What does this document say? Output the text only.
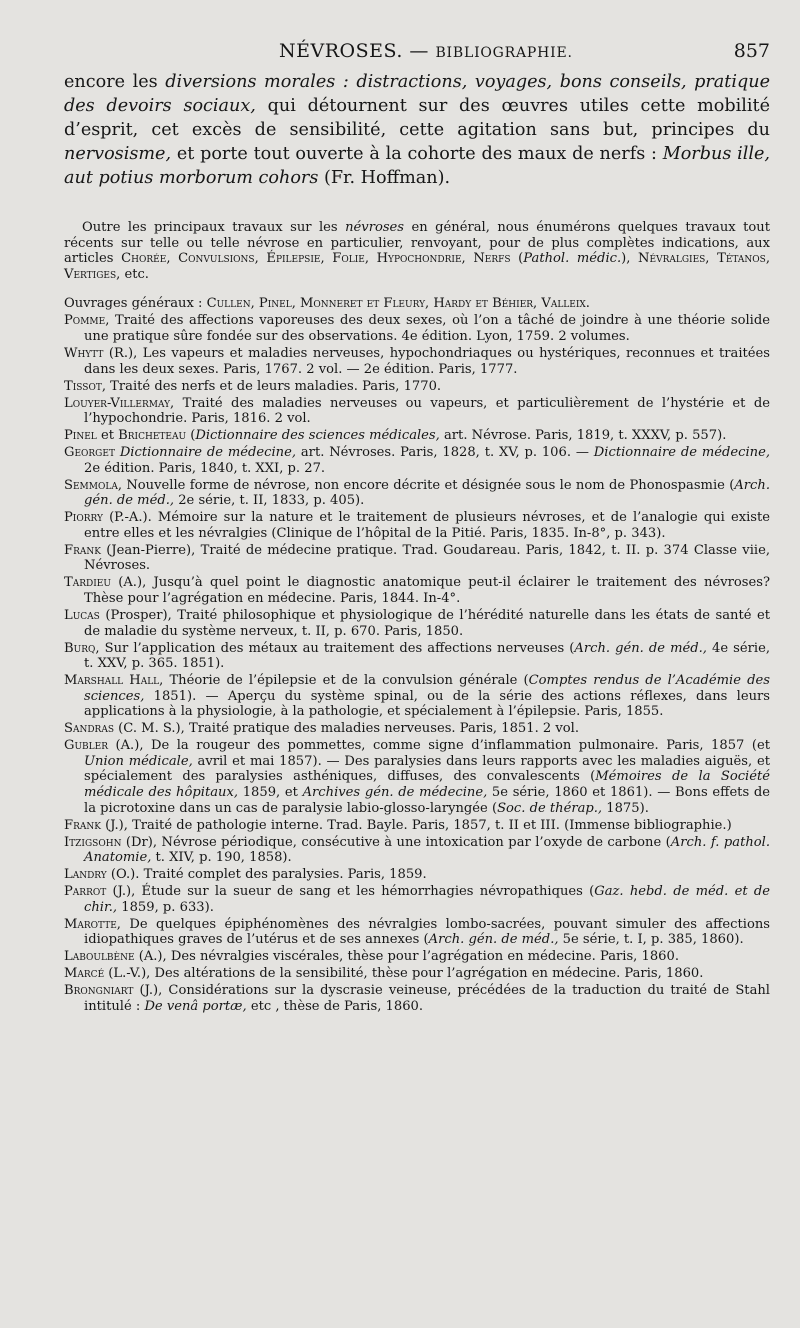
NÉVROSES. — BIBLIOGRAPHIE.	857

encore les diversions morales : distractions, voyages, bons conseils, pratique des devoirs sociaux, qui détournent sur des œuvres utiles cette mobilité d’esprit, cet excès de sensibilité, cette agitation sans but, principes du nervosisme, et porte tout ouverte à la cohorte des maux de nerfs : Morbus ille, aut potius morborum cohors (Fr. Hoffman).

Outre les principaux travaux sur les névroses en général, nous énumérons quelques travaux tout récents sur telle ou telle névrose en particulier, renvoyant, pour de plus complètes indications, aux articles Chorée, Convulsions, Épilepsie, Folie, Hypochondrie, Nerfs (Pathol. médic.), Névralgies, Tétanos, Vertiges, etc.

Ouvrages généraux : Cullen, Pinel, Monneret et Fleury, Hardy et Béhier, Valleix.

Pomme, Traité des affections vaporeuses des deux sexes, où l’on a tâché de joindre à une théorie solide une pratique sûre fondée sur des observations. 4e édition. Lyon, 1759. 2 volumes.

Whytt (R.), Les vapeurs et maladies nerveuses, hypochondriaques ou hystériques, reconnues et traitées dans les deux sexes. Paris, 1767. 2 vol. — 2e édition. Paris, 1777.

Tissot, Traité des nerfs et de leurs maladies. Paris, 1770.

Louyer-Villermay, Traité des maladies nerveuses ou vapeurs, et particulièrement de l’hystérie et de l’hypochondrie. Paris, 1816. 2 vol.

Pinel et Bricheteau (Dictionnaire des sciences médicales, art. Névrose. Paris, 1819, t. XXXV, p. 557).

Georget Dictionnaire de médecine, art. Névroses. Paris, 1828, t. XV, p. 106. — Dictionnaire de médecine, 2e édition. Paris, 1840, t. XXI, p. 27.

Semmola, Nouvelle forme de névrose, non encore décrite et désignée sous le nom de Phonospasmie (Arch. gén. de méd., 2e série, t. II, 1833, p. 405).

Piorry (P.-A.). Mémoire sur la nature et le traitement de plusieurs névroses, et de l’analogie qui existe entre elles et les névralgies (Clinique de l’hôpital de la Pitié. Paris, 1835. In-8°, p. 343).

Frank (Jean-Pierre), Traité de médecine pratique. Trad. Goudareau. Paris, 1842, t. II. p. 374 Classe viie, Névroses.

Tardieu (A.), Jusqu’à quel point le diagnostic anatomique peut-il éclairer le traitement des névroses? Thèse pour l’agrégation en médecine. Paris, 1844. In-4°.

Lucas (Prosper), Traité philosophique et physiologique de l’hérédité naturelle dans les états de santé et de maladie du système nerveux, t. II, p. 670. Paris, 1850.

Burq, Sur l’application des métaux au traitement des affections nerveuses (Arch. gén. de méd., 4e série, t. XXV, p. 365. 1851).

Marshall Hall, Théorie de l’épilepsie et de la convulsion générale (Comptes rendus de l’Académie des sciences, 1851). — Aperçu du système spinal, ou de la série des actions réflexes, dans leurs applications à la physiologie, à la pathologie, et spécialement à l’épilepsie. Paris, 1855.

Sandras (C. M. S.), Traité pratique des maladies nerveuses. Paris, 1851. 2 vol.

Gubler (A.), De la rougeur des pommettes, comme signe d’inflammation pulmonaire. Paris, 1857 (et Union médicale, avril et mai 1857). — Des paralysies dans leurs rapports avec les maladies aiguës, et spécialement des paralysies asthéniques, diffuses, des convalescents (Mémoires de la Société médicale des hôpitaux, 1859, et Archives gén. de médecine, 5e série, 1860 et 1861). — Bons effets de la picrotoxine dans un cas de paralysie labio-glosso-laryngée (Soc. de thérap., 1875).

Frank (J.), Traité de pathologie interne. Trad. Bayle. Paris, 1857, t. II et III. (Immense bibliographie.)

Itzigsohn (Dr), Névrose périodique, consécutive à une intoxication par l’oxyde de carbone (Arch. f. pathol. Anatomie, t. XIV, p. 190, 1858).

Landry (O.). Traité complet des paralysies. Paris, 1859.

Parrot (J.), Étude sur la sueur de sang et les hémorrhagies névropathiques (Gaz. hebd. de méd. et de chir., 1859, p. 633).

Marotte, De quelques épiphénomènes des névralgies lombo-sacrées, pouvant simuler des affections idiopathiques graves de l’utérus et de ses annexes (Arch. gén. de méd., 5e série, t. I, p. 385, 1860).

Laboulbène (A.), Des névralgies viscérales, thèse pour l’agrégation en médecine. Paris, 1860.

Marcé (L.-V.), Des altérations de la sensibilité, thèse pour l’agrégation en médecine. Paris, 1860.

Brongniart (J.), Considérations sur la dyscrasie veineuse, précédées de la traduction du traité de Stahl intitulé : De venâ portæ, etc , thèse de Paris, 1860.
